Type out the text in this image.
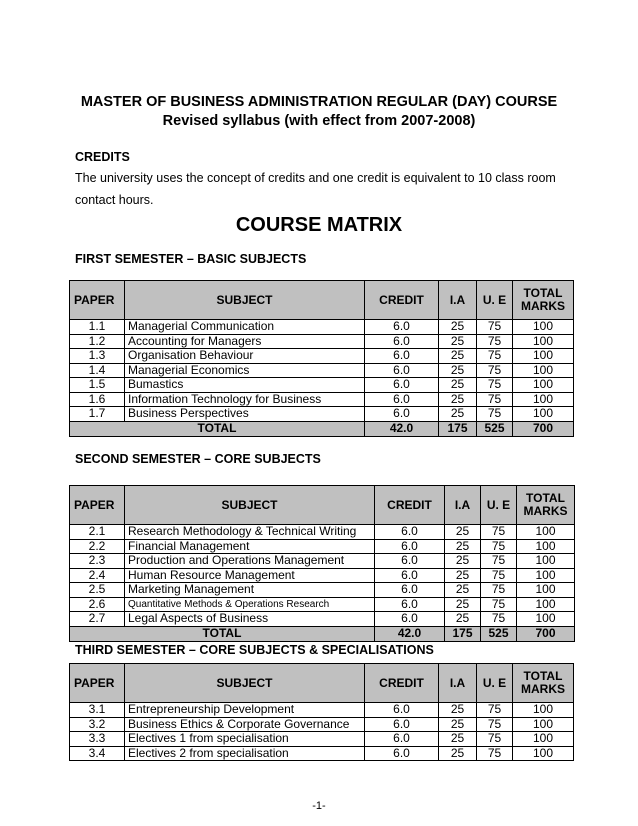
MASTER OF BUSINESS ADMINISTRATION REGULAR (DAY) COURSE
Revised syllabus (with effect from 2007-2008)
CREDITS
The university uses the concept of credits and one credit is equivalent to 10 class room
contact hours.
COURSE MATRIX
FIRST SEMESTER – BASIC SUBJECTS
PAPER	SUBJECT	CREDIT	I.A	U. E	TOTAL
MARKS
1.1	Managerial Communication	6.0	25	75	100
1.2	Accounting for Managers	6.0	25	75	100
1.3	Organisation Behaviour	6.0	25	75	100
1.4	Managerial Economics	6.0	25	75	100
1.5	Bumastics	6.0	25	75	100
1.6	Information Technology for Business	6.0	25	75	100
1.7	Business Perspectives	6.0	25	75	100
TOTAL		42.0	175	525	700
SECOND SEMESTER – CORE SUBJECTS
PAPER	SUBJECT	CREDIT	I.A	U. E	TOTAL
MARKS
2.1	Research Methodology & Technical Writing	6.0	25	75	100
2.2	Financial Management	6.0	25	75	100
2.3	Production and Operations Management	6.0	25	75	100
2.4	Human Resource Management	6.0	25	75	100
2.5	Marketing Management	6.0	25	75	100
2.6	Quantitative Methods & Operations Research	6.0	25	75	100
2.7	Legal Aspects of Business	6.0	25	75	100
TOTAL		42.0	175	525	700
THIRD SEMESTER – CORE SUBJECTS & SPECIALISATIONS
PAPER	SUBJECT	CREDIT	I.A	U. E	TOTAL
MARKS
3.1	Entrepreneurship Development	6.0	25	75	100
3.2	Business Ethics & Corporate Governance	6.0	25	75	100
3.3	Electives 1 from specialisation	6.0	25	75	100
3.4	Electives 2 from specialisation	6.0	25	75	100
-1-
